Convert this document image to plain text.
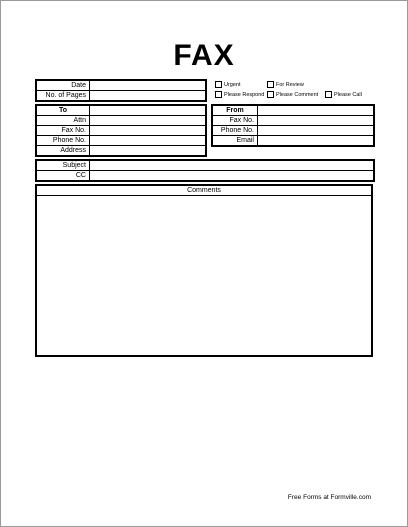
FAX
Date	
No. of Pages	
Urgent	For Review
Please Respond Please Comment	Please Call
To	
Attn	
Fax No.	
Phone No.	
Address	
From	
Fax No.	
Phone No.	
Email	
Subject	
CC	
Comments
Free Forms at Formville.com
